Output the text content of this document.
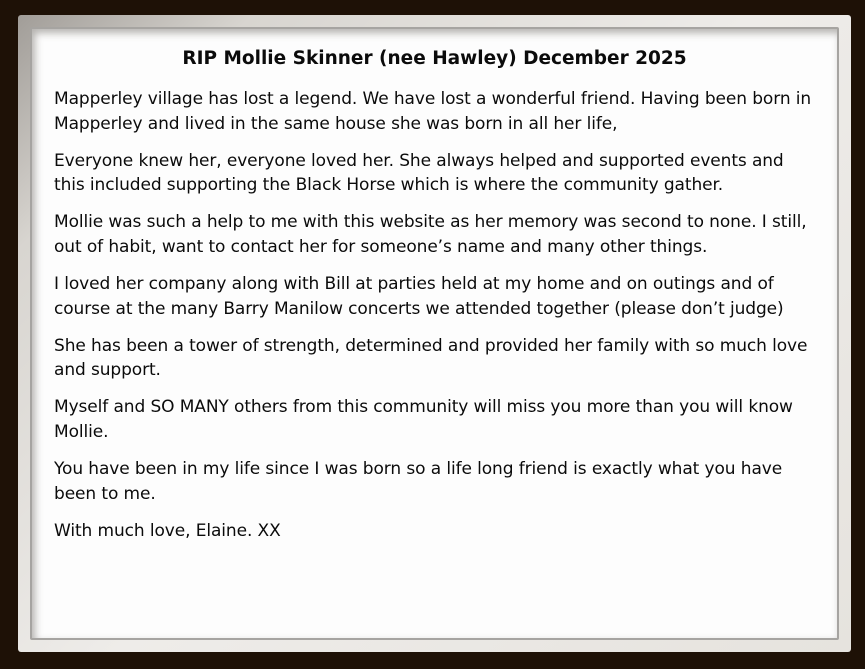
RIP Mollie Skinner (nee Hawley) December 2025

Mapperley village has lost a legend. We have lost a wonderful friend. Having been born in Mapperley and lived in the same house she was born in all her life,

Everyone knew her, everyone loved her. She always helped and supported events and this included supporting the Black Horse which is where the community gather.

Mollie was such a help to me with this website as her memory was second to none. I still, out of habit, want to contact her for someone’s name and many other things.

I loved her company along with Bill at parties held at my home and on outings and of course at the many Barry Manilow concerts we attended together (please don’t judge)

She has been a tower of strength, determined and provided her family with so much love and support.

Myself and SO MANY others from this community will miss you more than you will know Mollie.

You have been in my life since I was born so a life long friend is exactly what you have been to me.

With much love, Elaine. XX
